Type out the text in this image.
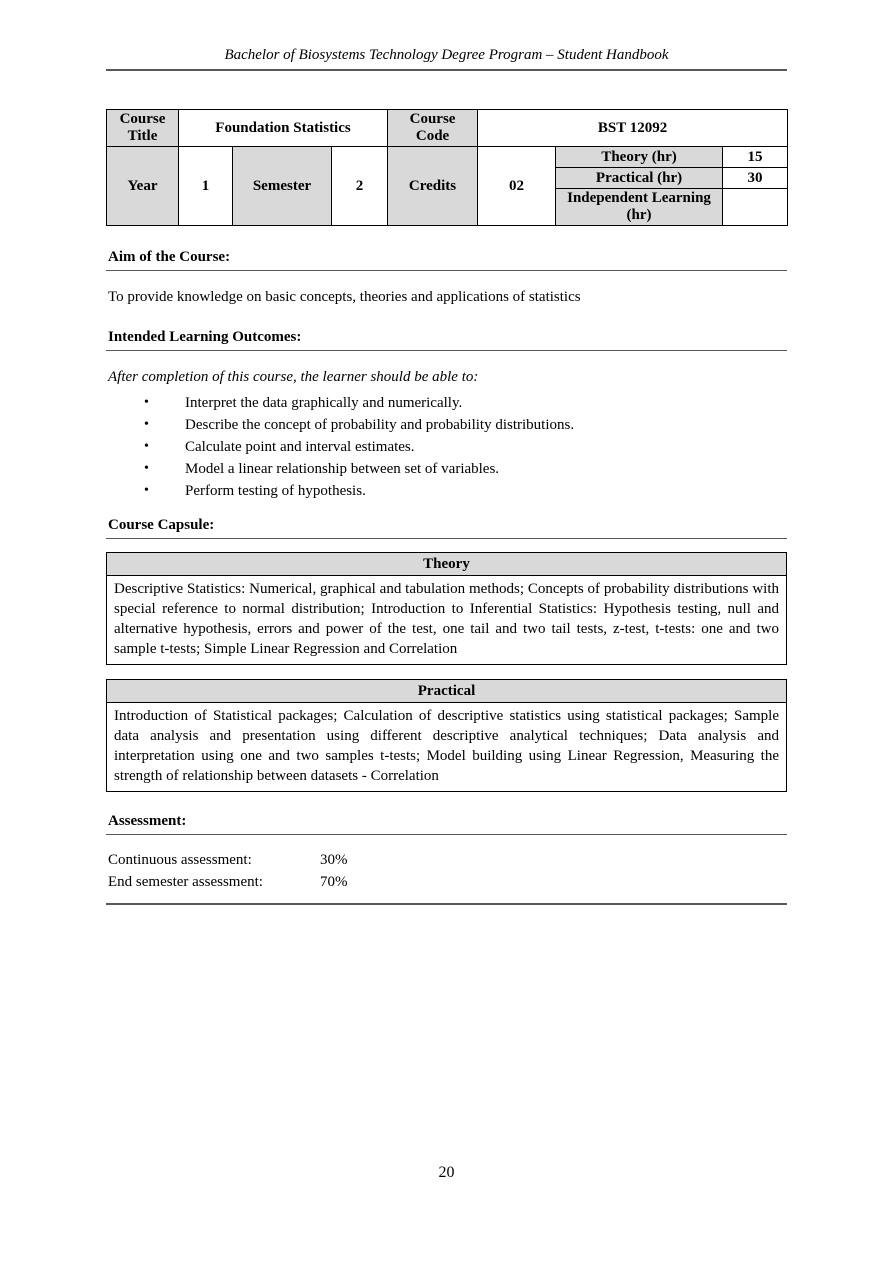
Bachelor of Biosystems Technology Degree Program – Student Handbook
Course Title	Foundation Statistics			Course Code	BST 12092		
Year	1	Semester	2	Credits	02	Theory (hr)	15
						Practical (hr)	30
						Independent Learning (hr)	
Aim of the Course:
To provide knowledge on basic concepts, theories and applications of statistics
Intended Learning Outcomes:
After completion of this course, the learner should be able to:
•	Interpret the data graphically and numerically.
•	Describe the concept of probability and probability distributions.
•	Calculate point and interval estimates.
•	Model a linear relationship between set of variables.
•	Perform testing of hypothesis.
Course Capsule:
Theory
Descriptive Statistics: Numerical, graphical and tabulation methods; Concepts of probability distributions with special reference to normal distribution; Introduction to Inferential Statistics: Hypothesis testing, null and alternative hypothesis, errors and power of the test, one tail and two tail tests, z-test, t-tests: one and two sample t-tests; Simple Linear Regression and Correlation
Practical
Introduction of Statistical packages; Calculation of descriptive statistics using statistical packages; Sample data analysis and presentation using different descriptive analytical techniques; Data analysis and interpretation using one and two samples t-tests; Model building using Linear Regression, Measuring the strength of relationship between datasets - Correlation
Assessment:
Continuous assessment:	30%
End semester assessment:	70%
20
